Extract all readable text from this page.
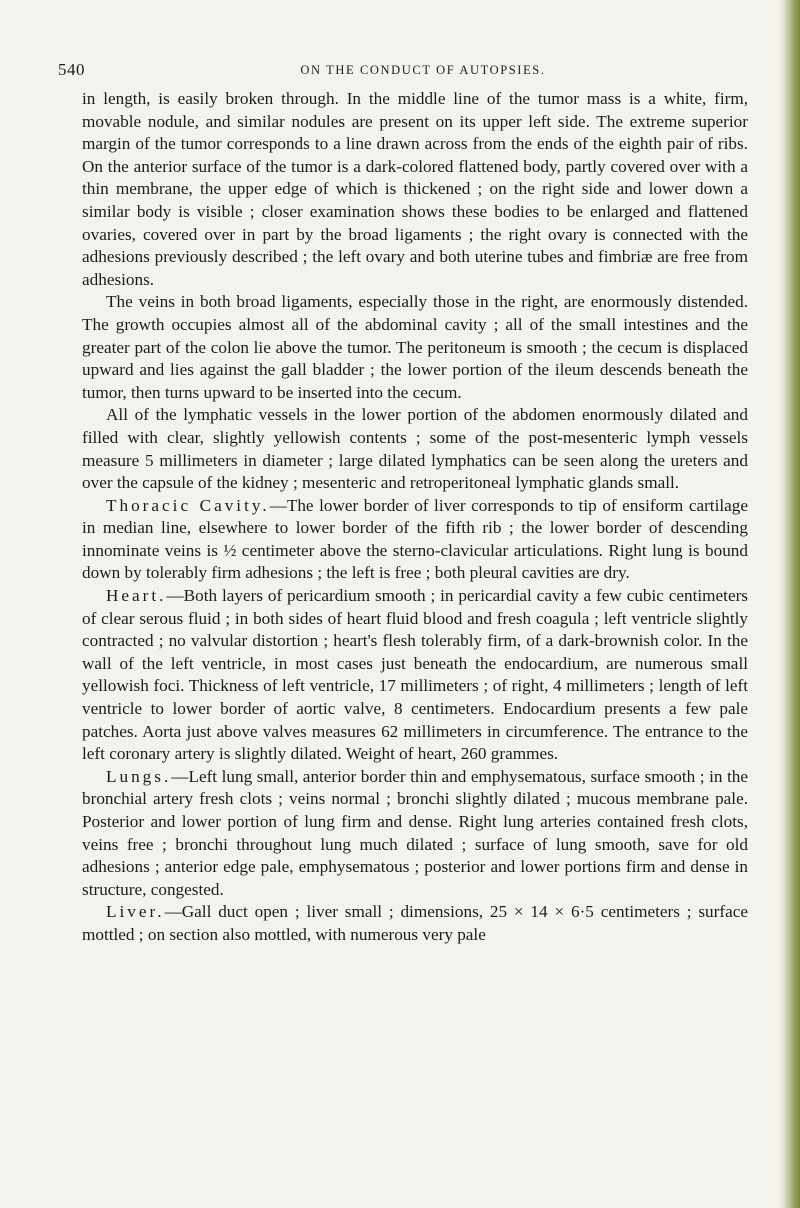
540	ON THE CONDUCT OF AUTOPSIES.

in length, is easily broken through. In the middle line of the tumor mass is a white, firm, movable nodule, and similar nodules are present on its upper left side. The extreme superior margin of the tumor corresponds to a line drawn across from the ends of the eighth pair of ribs. On the anterior surface of the tumor is a dark-colored flattened body, partly covered over with a thin membrane, the upper edge of which is thickened ; on the right side and lower down a similar body is visible ; closer examination shows these bodies to be enlarged and flattened ovaries, covered over in part by the broad ligaments ; the right ovary is connected with the adhesions previously described ; the left ovary and both uterine tubes and fimbriæ are free from adhesions.

The veins in both broad ligaments, especially those in the right, are enormously distended. The growth occupies almost all of the abdominal cavity ; all of the small intestines and the greater part of the colon lie above the tumor. The peritoneum is smooth ; the cecum is displaced upward and lies against the gall bladder ; the lower portion of the ileum descends beneath the tumor, then turns upward to be inserted into the cecum.

All of the lymphatic vessels in the lower portion of the abdomen enormously dilated and filled with clear, slightly yellowish contents ; some of the post-mesenteric lymph vessels measure 5 millimeters in diameter ; large dilated lymphatics can be seen along the ureters and over the capsule of the kidney ; mesenteric and retroperitoneal lymphatic glands small.

Thoracic Cavity.—The lower border of liver corresponds to tip of ensiform cartilage in median line, elsewhere to lower border of the fifth rib ; the lower border of descending innominate veins is ½ centimeter above the sterno-clavicular articulations. Right lung is bound down by tolerably firm adhesions ; the left is free ; both pleural cavities are dry.

Heart.—Both layers of pericardium smooth ; in pericardial cavity a few cubic centimeters of clear serous fluid ; in both sides of heart fluid blood and fresh coagula ; left ventricle slightly contracted ; no valvular distortion ; heart's flesh tolerably firm, of a dark-brownish color. In the wall of the left ventricle, in most cases just beneath the endocardium, are numerous small yellowish foci. Thickness of left ventricle, 17 millimeters ; of right, 4 millimeters ; length of left ventricle to lower border of aortic valve, 8 centimeters. Endocardium presents a few pale patches. Aorta just above valves measures 62 millimeters in circumference. The entrance to the left coronary artery is slightly dilated. Weight of heart, 260 grammes.

Lungs.—Left lung small, anterior border thin and emphysematous, surface smooth ; in the bronchial artery fresh clots ; veins normal ; bronchi slightly dilated ; mucous membrane pale. Posterior and lower portion of lung firm and dense. Right lung arteries contained fresh clots, veins free ; bronchi throughout lung much dilated ; surface of lung smooth, save for old adhesions ; anterior edge pale, emphysematous ; posterior and lower portions firm and dense in structure, congested.

Liver.—Gall duct open ; liver small ; dimensions, 25 × 14 × 6·5 centimeters ; surface mottled ; on section also mottled, with numerous very pale
